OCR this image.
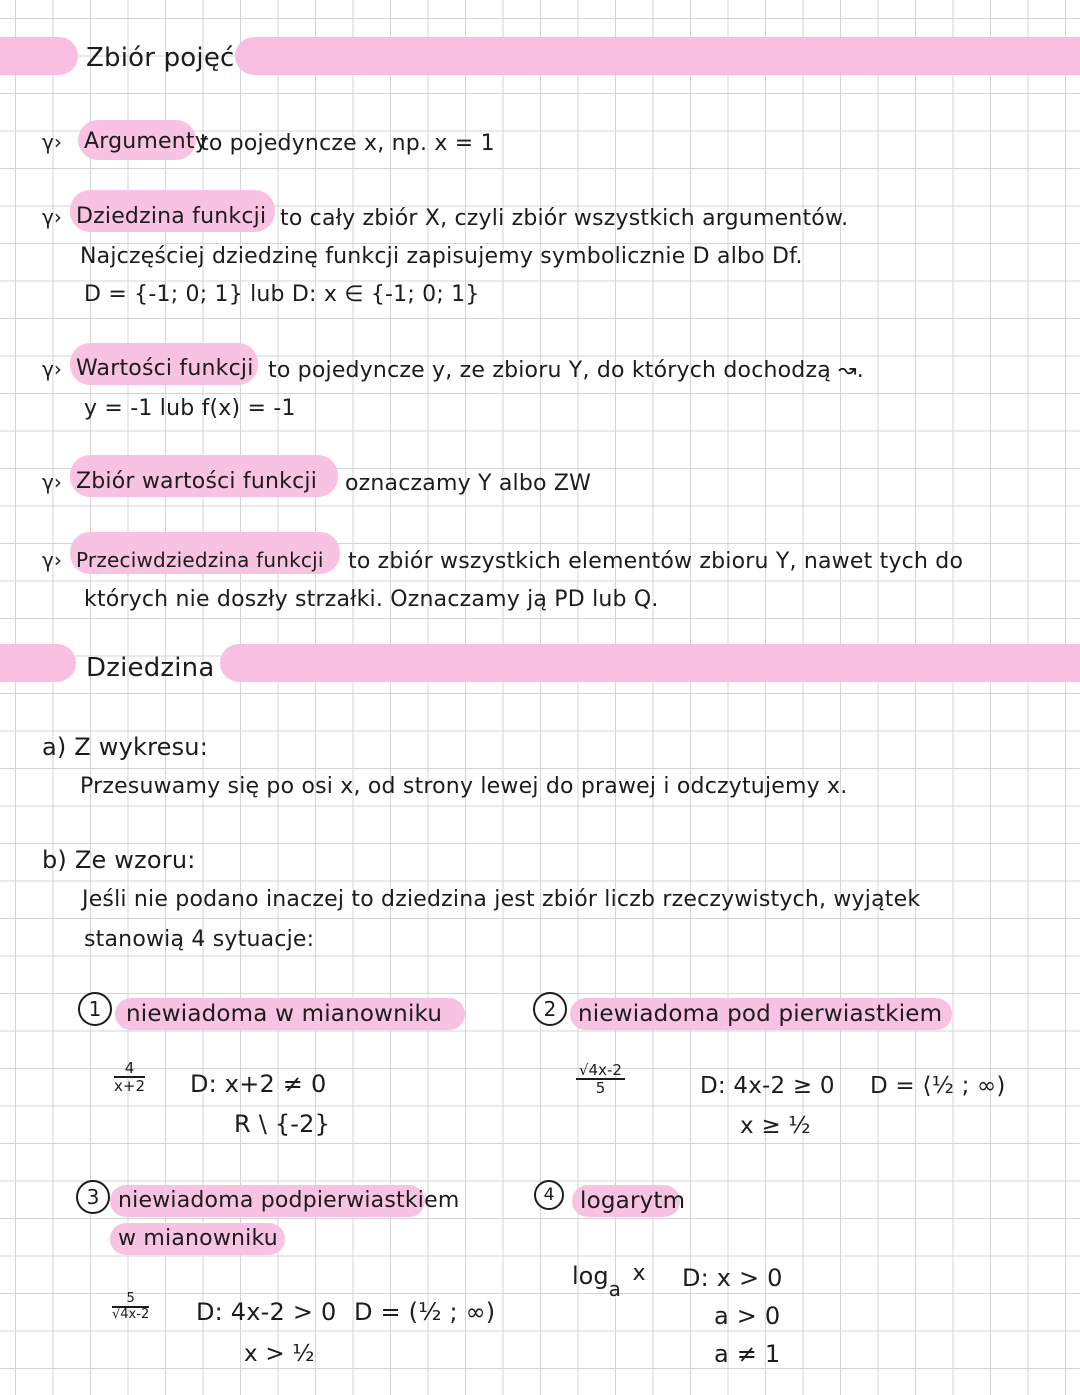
Zbiór pojęć
γ› Argumenty
to pojedyncze x, np. x = 1
γ› Dziedzina funkcji to cały zbiór X, czyli zbiór wszystkich argumentów.
Najczęściej dziedzinę funkcji zapisujemy symbolicznie D albo Df.
D = {-1; 0; 1} lub D: x ∈ {-1; 0; 1}
γ› Wartości funkcji to pojedyncze y, ze zbioru Y, do których dochodzą ↝.
y = -1 lub f(x) = -1
γ› Zbiór wartości funkcji oznaczamy Y albo ZW
γ› Przeciwdziedzina funkcji to zbiór wszystkich elementów zbioru Y, nawet tych do
których nie doszły strzałki. Oznaczamy ją PD lub Q.
Dziedzina
a) Z wykresu:
Przesuwamy się po osi x, od strony lewej do prawej i odczytujemy x.
b) Ze wzoru:
Jeśli nie podano inaczej to dziedzina jest zbiór liczb rzeczywistych, wyjątek
stanowią 4 sytuacje:
1	niewiadoma w mianowniku
$\frac{4}{x+2} D$: x+2 ≠ 0
R \ {-2}
2 niewiadoma pod pierwiastkiem
$\frac{√4x-2}{5}$	D: 4x-2 ≥ 0
x ≥ ½
D = ⟨½ ; ∞)
3 niewiadoma podpierwiastkiem
w mianowniku
$\frac{5}{√4x-2} D$: 4x-2 > 0 D = (½ ; ∞)
x > ½
4	logarytm
$\log_a x$ D: x > 0
a > 0
a ≠ 1
